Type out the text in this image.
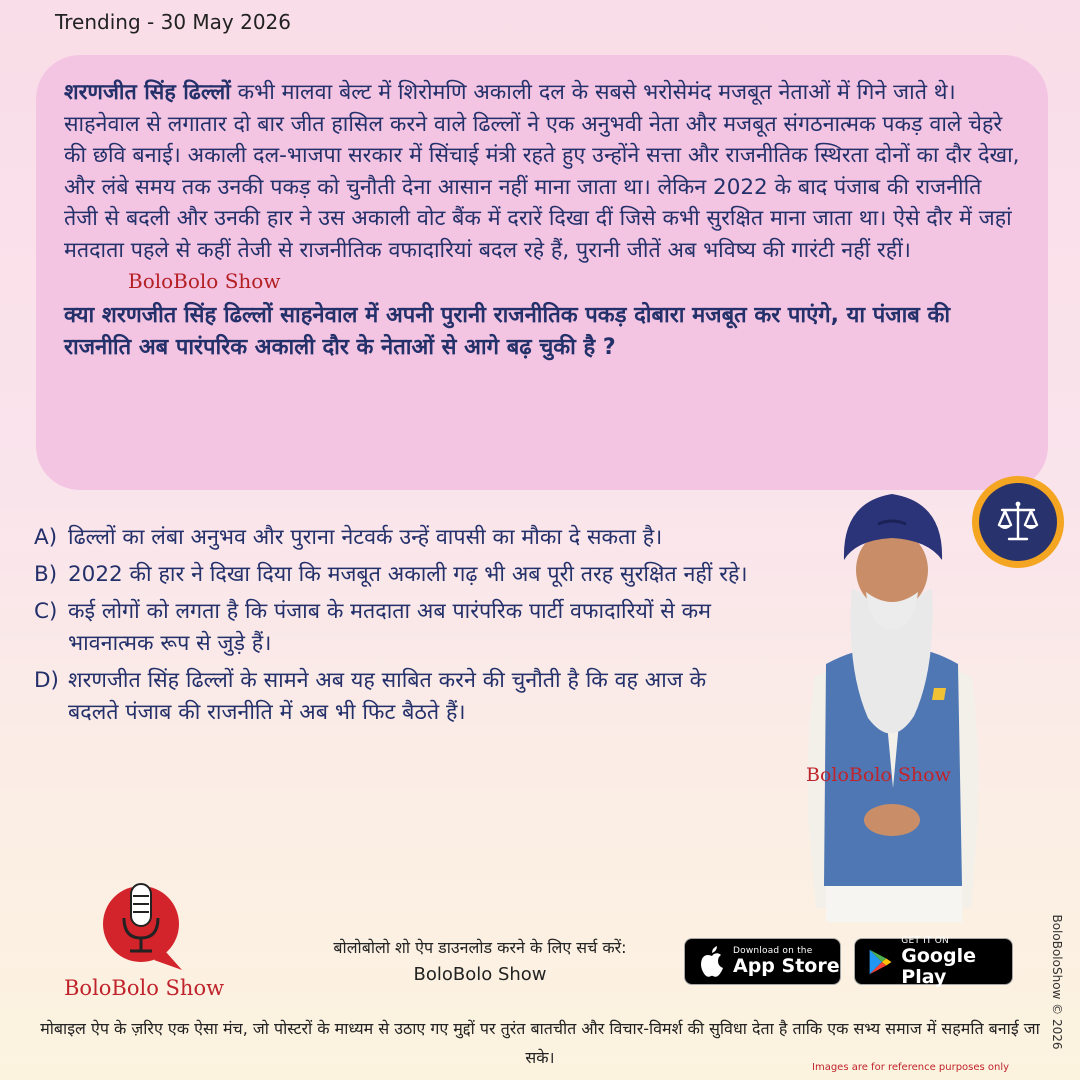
Trending - 30 May 2026

शरणजीत सिंह ढिल्लों कभी मालवा बेल्ट में शिरोमणि अकाली दल के सबसे भरोसेमंद मजबूत नेताओं में गिने जाते थे। साहनेवाल से लगातार दो बार जीत हासिल करने वाले ढिल्लों ने एक अनुभवी नेता और मजबूत संगठनात्मक पकड़ वाले चेहरे की छवि बनाई। अकाली दल-भाजपा सरकार में सिंचाई मंत्री रहते हुए उन्होंने सत्ता और राजनीतिक स्थिरता दोनों का दौर देखा, और लंबे समय तक उनकी पकड़ को चुनौती देना आसान नहीं माना जाता था। लेकिन 2022 के बाद पंजाब की राजनीति तेजी से बदली और उनकी हार ने उस अकाली वोट बैंक में दरारें दिखा दीं जिसे कभी सुरक्षित माना जाता था। ऐसे दौर में जहां मतदाता पहले से कहीं तेजी से राजनीतिक वफादारियां बदल रहे हैं, पुरानी जीतें अब भविष्य की गारंटी नहीं रहीं।BoloBolo Show

क्या शरणजीत सिंह ढिल्लों साहनेवाल में अपनी पुरानी राजनीतिक पकड़ दोबारा मजबूत कर पाएंगे, या पंजाब की राजनीति अब पारंपरिक अकाली दौर के नेताओं से आगे बढ़ चुकी है ?

A) ढिल्लों का लंबा अनुभव और पुराना नेटवर्क उन्हें वापसी का मौका दे सकता है।
B) 2022 की हार ने दिखा दिया कि मजबूत अकाली गढ़ भी अब पूरी तरह सुरक्षित नहीं रहे।
C) कई लोगों को लगता है कि पंजाब के मतदाता अब पारंपरिक पार्टी वफादारियों से कम भावनात्मक रूप से जुड़े हैं।
D) शरणजीत सिंह ढिल्लों के सामने अब यह साबित करने की चुनौती है कि वह आज के बदलते पंजाब की राजनीति में अब भी फिट बैठते हैं।
BoloBolo Show
BoloBolo Show
बोलोबोलो शो ऐप डाउनलोड करने के लिए सर्च करें:
BoloBolo Show
Download on the
App Store
GET IT ON
Google Play
मोबाइल ऐप के ज़रिए एक ऐसा मंच, जो पोस्टरों के माध्यम से उठाए गए मुद्दों पर तुरंत बातचीत और विचार-विमर्श की सुविधा देता है ताकि एक सभ्य समाज में सहमति बनाई जा सके।
Images are for reference purposes only
BoloBoloShow © 2026
